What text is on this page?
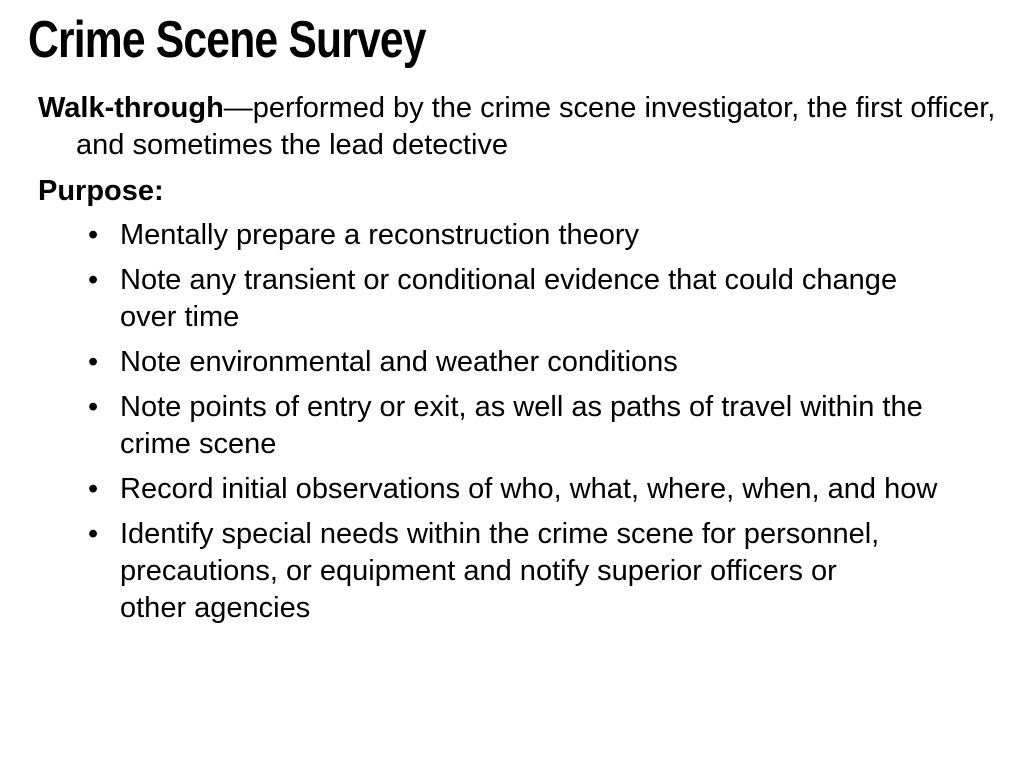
Crime Scene Survey

Walk-through—performed by the crime scene investigator, the first officer, and sometimes the lead detective

Purpose:

• Mentally prepare a reconstruction theory
• Note any transient or conditional evidence that could change
over time
• Note environmental and weather conditions
• Note points of entry or exit, as well as paths of travel within the crime scene
• Record initial observations of who, what, where, when, and how
• Identify special needs within the crime scene for personnel, precautions, or equipment and notify superior officers or
other agencies
